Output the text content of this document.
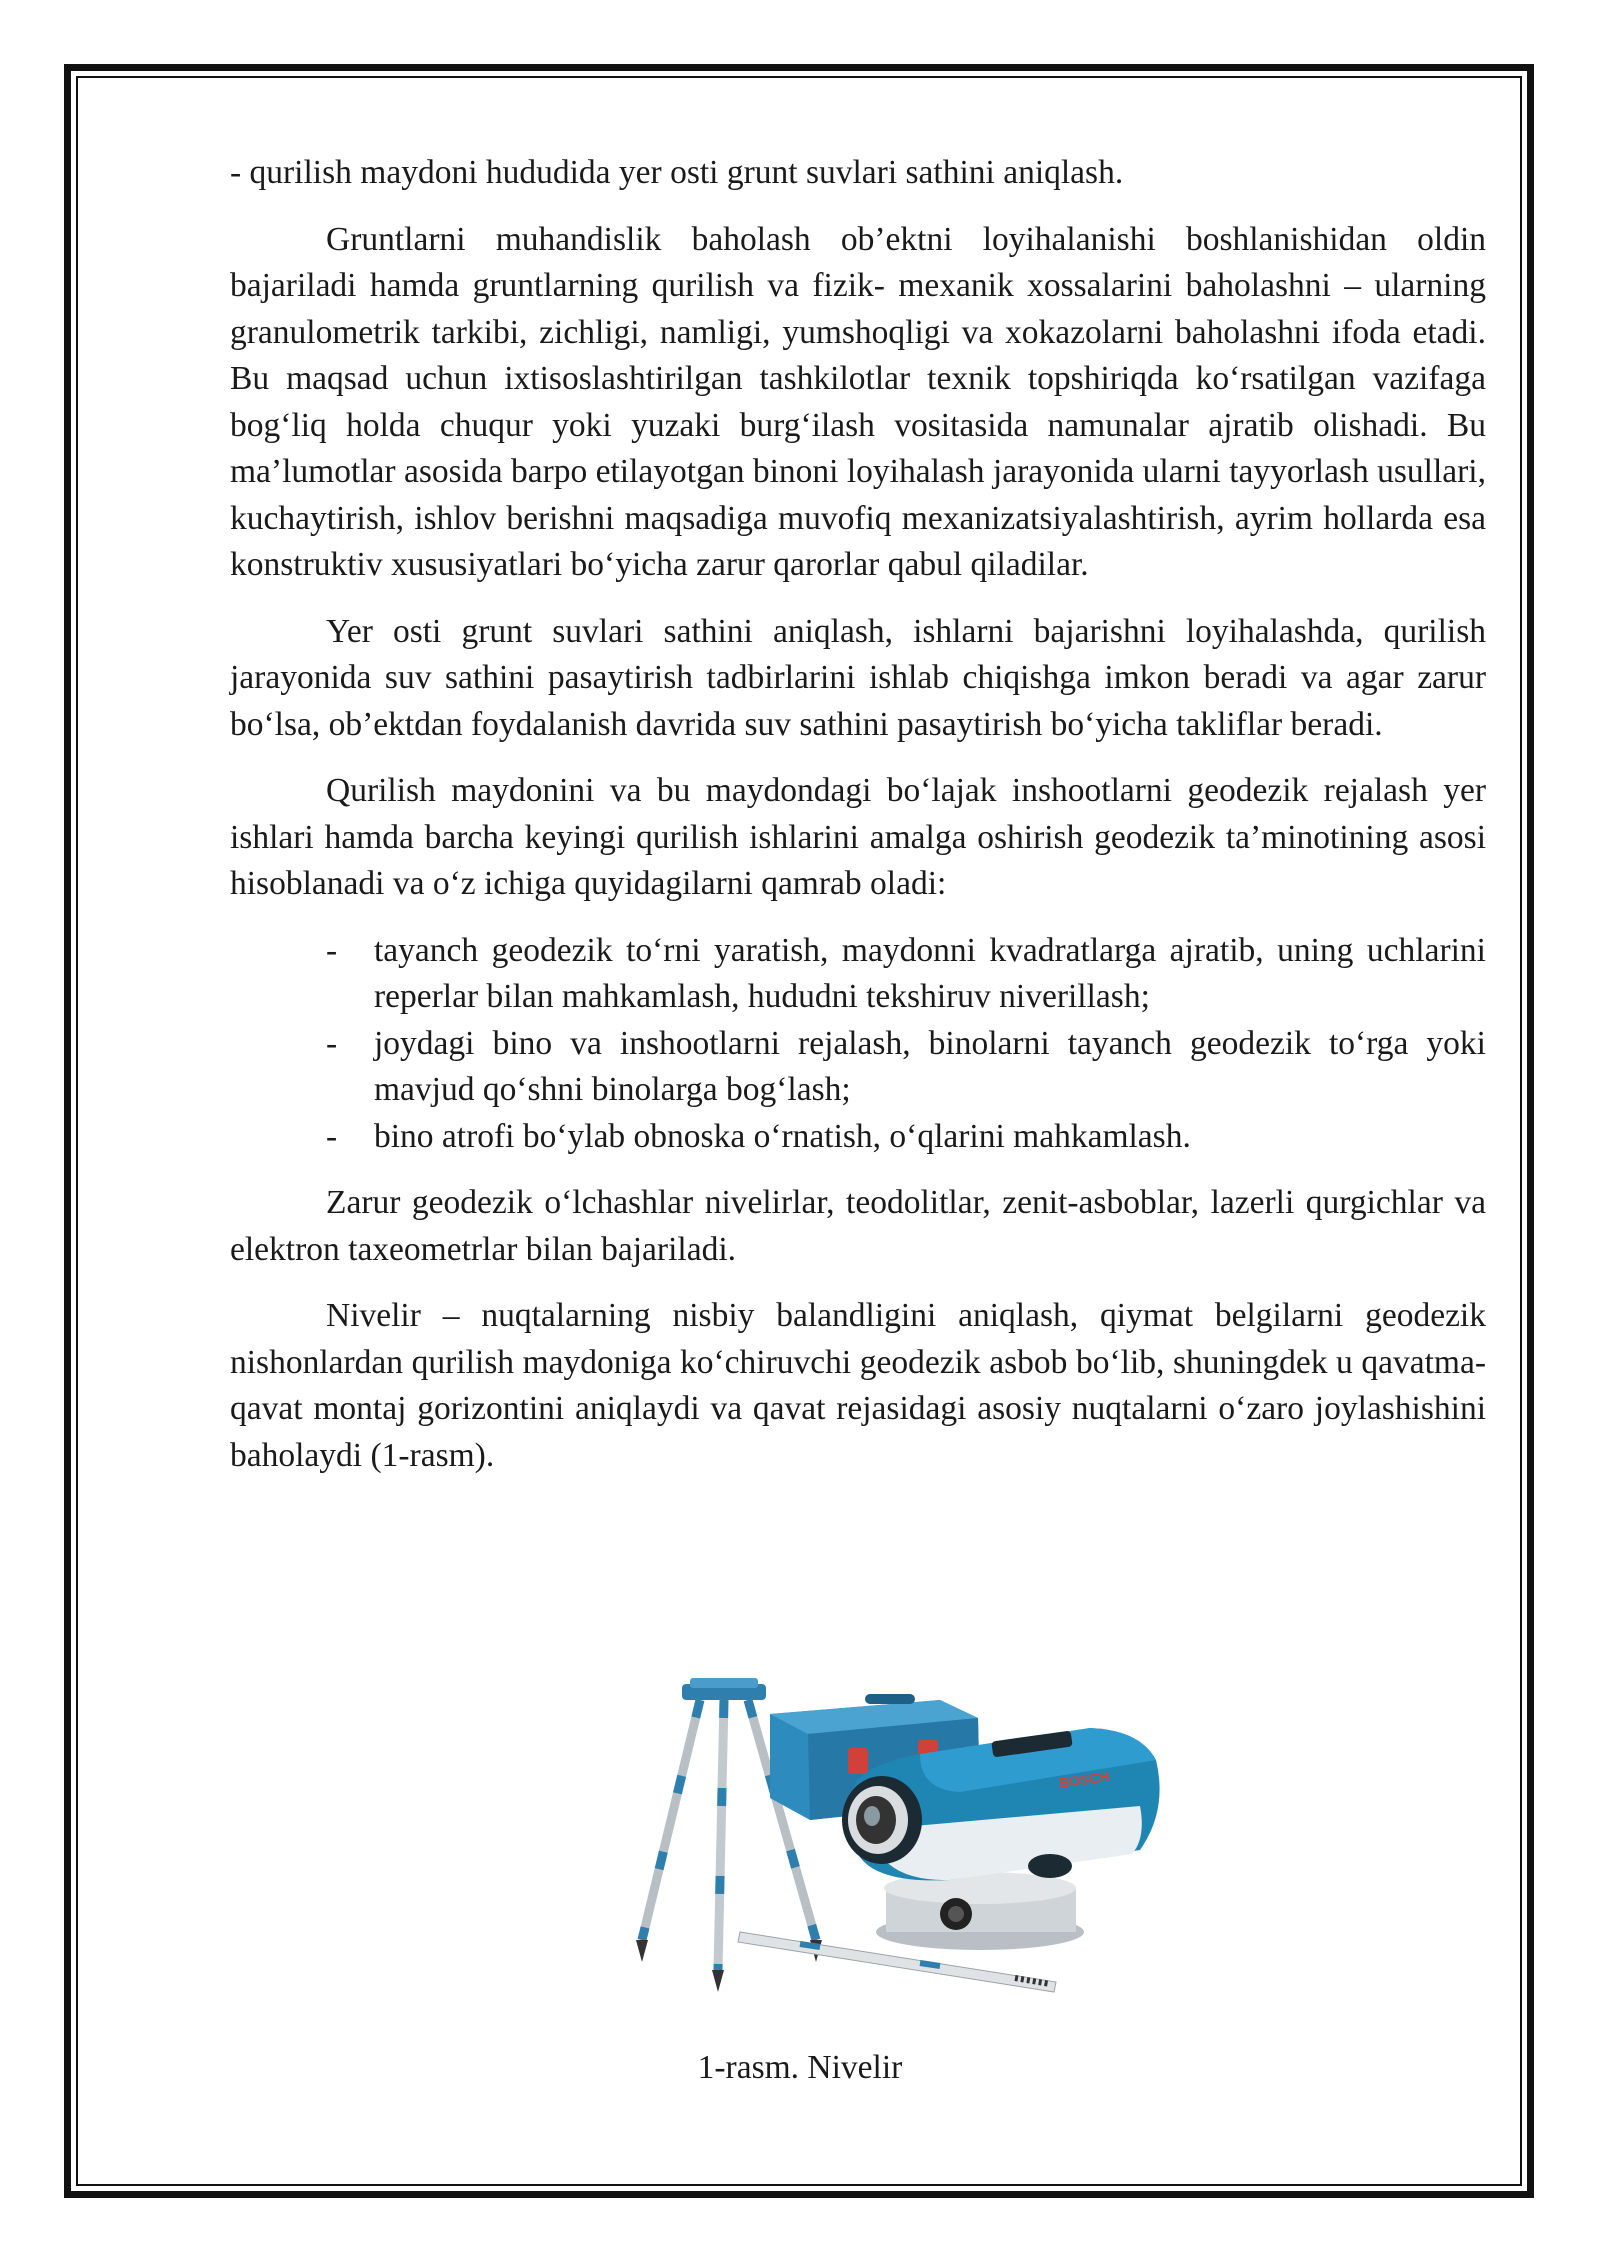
- qurilish maydoni hududida yer osti grunt suvlari sathini aniqlash.

Gruntlarni muhandislik baholash ob’ektni loyihalanishi boshlanishidan oldin bajariladi hamda gruntlarning qurilish va fizik- mexanik xossalarini baholashni – ularning granulometrik tarkibi, zichligi, namligi, yumshoqligi va xokazolarni baholashni ifoda etadi. Bu maqsad uchun ixtisoslashtirilgan tashkilotlar texnik topshiriqda koʻrsatilgan vazifaga bogʻliq holda chuqur yoki yuzaki burgʻilash vositasida namunalar ajratib olishadi. Bu ma’lumotlar asosida barpo etilayotgan binoni loyihalash jarayonida ularni tayyorlash usullari, kuchaytirish, ishlov berishni maqsadiga muvofiq mexanizatsiyalashtirish, ayrim hollarda esa konstruktiv xususiyatlari boʻyicha zarur qarorlar qabul qiladilar.

Yer osti grunt suvlari sathini aniqlash, ishlarni bajarishni loyihalashda, qurilish jarayonida suv sathini pasaytirish tadbirlarini ishlab chiqishga imkon beradi va agar zarur boʻlsa, ob’ektdan foydalanish davrida suv sathini pasaytirish boʻyicha takliflar beradi.

Qurilish maydonini va bu maydondagi boʻlajak inshootlarni geodezik rejalash yer ishlari hamda barcha keyingi qurilish ishlarini amalga oshirish geodezik ta’minotining asosi hisoblanadi va oʻz ichiga quyidagilarni qamrab oladi:

- tayanch geodezik toʻrni yaratish, maydonni kvadratlarga ajratib, uning uchlarini reperlar bilan mahkamlash, hududni tekshiruv niverillash;
- joydagi bino va inshootlarni rejalash, binolarni tayanch geodezik toʻrga yoki mavjud qoʻshni binolarga bogʻlash;
- bino atrofi boʻylab obnoska oʻrnatish, oʻqlarini mahkamlash.

Zarur geodezik oʻlchashlar nivelirlar, teodolitlar, zenit-asboblar, lazerli qurgichlar va elektron taxeometrlar bilan bajariladi.

Nivelir – nuqtalarning nisbiy balandligini aniqlash, qiymat belgilarni geodezik nishonlardan qurilish maydoniga koʻchiruvchi geodezik asbob boʻlib, shuningdek u qavatma-qavat montaj gorizontini aniqlaydi va qavat rejasidagi asosiy nuqtalarni oʻzaro joylashishini baholaydi (1-rasm).

BOSCH
1-rasm. Nivelir
